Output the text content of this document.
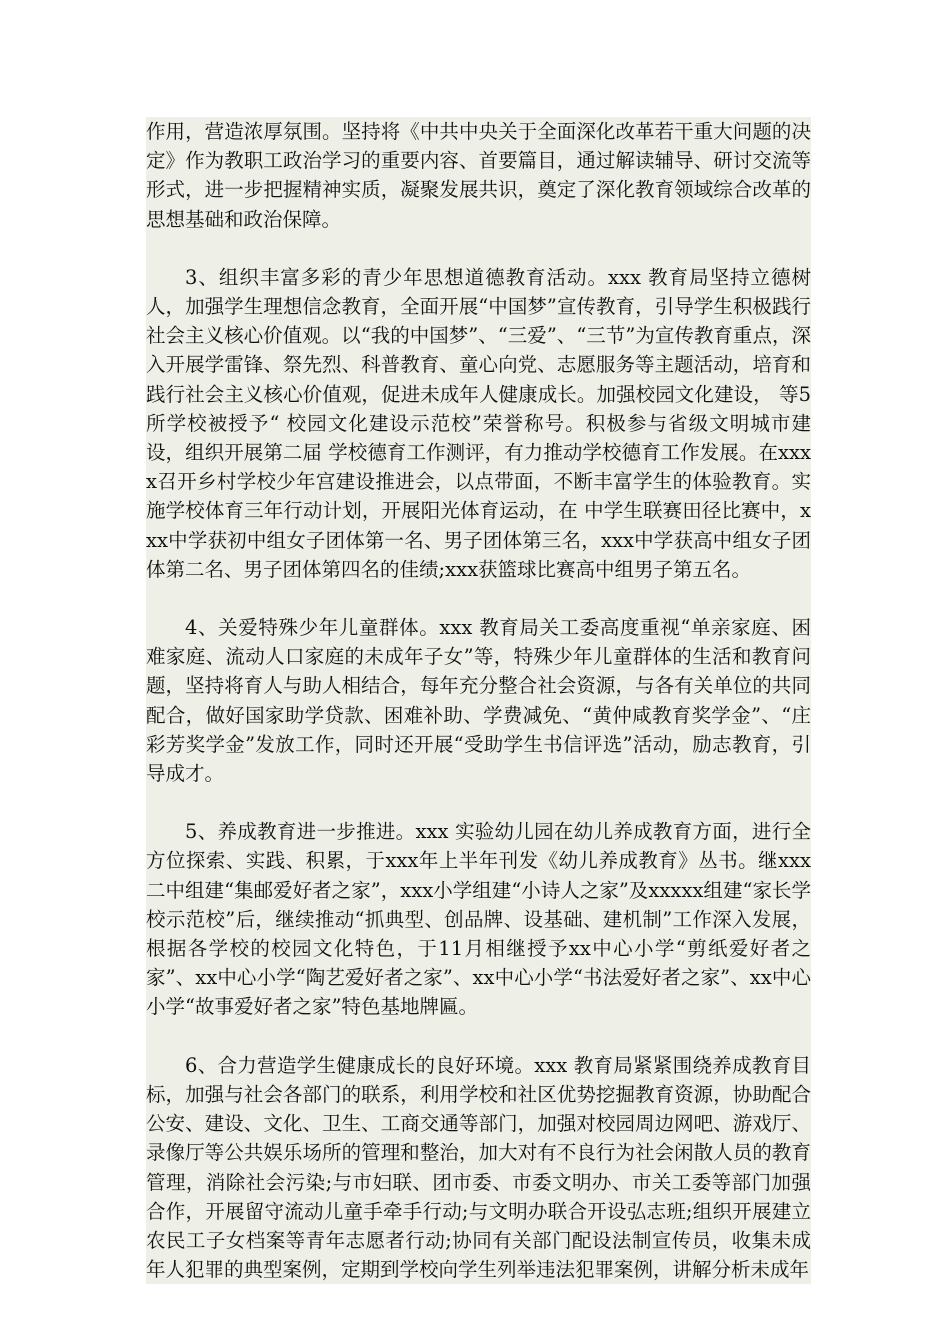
作用，营造浓厚氛围。坚持将《中共中央关于全面深化改革若干重大问题的决定》作为教职工政治学习的重要内容、首要篇目，通过解读辅导、研讨交流等形式，进一步把握精神实质，凝聚发展共识，奠定了深化教育领域综合改革的思想基础和政治保障。

3、组织丰富多彩的青少年思想道德教育活动。xxx 教育局坚持立德树人，加强学生理想信念教育，全面开展“中国梦”宣传教育，引导学生积极践行社会主义核心价值观。以“我的中国梦”、“三爱”、“三节”为宣传教育重点，深入开展学雷锋、祭先烈、科普教育、童心向党、志愿服务等主题活动，培育和践行社会主义核心价值观，促进未成年人健康成长。加强校园文化建设， 等5所学校被授予“ 校园文化建设示范校”荣誉称号。积极参与省级文明城市建设，组织开展第二届 学校德育工作测评，有力推动学校德育工作发展。在xxxx召开乡村学校少年宫建设推进会，以点带面，不断丰富学生的体验教育。实施学校体育三年行动计划，开展阳光体育运动，在 中学生联赛田径比赛中，xxx中学获初中组女子团体第一名、男子团体第三名，xxx中学获高中组女子团体第二名、男子团体第四名的佳绩;xxx获篮球比赛高中组男子第五名。

4、关爱特殊少年儿童群体。xxx 教育局关工委高度重视“单亲家庭、困难家庭、流动人口家庭的未成年子女”等，特殊少年儿童群体的生活和教育问题，坚持将育人与助人相结合，每年充分整合社会资源，与各有关单位的共同配合，做好国家助学贷款、困难补助、学费减免、“黄仲咸教育奖学金”、“庄彩芳奖学金”发放工作，同时还开展“受助学生书信评选”活动，励志教育，引导成才。

5、养成教育进一步推进。xxx 实验幼儿园在幼儿养成教育方面，进行全方位探索、实践、积累，于xxx年上半年刊发《幼儿养成教育》丛书。继xxx二中组建“集邮爱好者之家”，xxx小学组建“小诗人之家”及xxxxx组建“家长学校示范校”后，继续推动“抓典型、创品牌、设基础、建机制”工作深入发展，根据各学校的校园文化特色，于11月相继授予xx中心小学“剪纸爱好者之家”、xx中心小学“陶艺爱好者之家”、xx中心小学“书法爱好者之家”、xx中心小学“故事爱好者之家”特色基地牌匾。

6、合力营造学生健康成长的良好环境。xxx 教育局紧紧围绕养成教育目标，加强与社会各部门的联系，利用学校和社区优势挖掘教育资源，协助配合公安、建设、文化、卫生、工商交通等部门，加强对校园周边网吧、游戏厅、录像厅等公共娱乐场所的管理和整治，加大对有不良行为社会闲散人员的教育管理，消除社会污染;与市妇联、团市委、市委文明办、市关工委等部门加强合作，开展留守流动儿童手牵手行动;与文明办联合开设弘志班;组织开展建立农民工子女档案等青年志愿者行动;协同有关部门配设法制宣传员，收集未成年人犯罪的典型案例，定期到学校向学生列举违法犯罪案例，讲解分析未成年
